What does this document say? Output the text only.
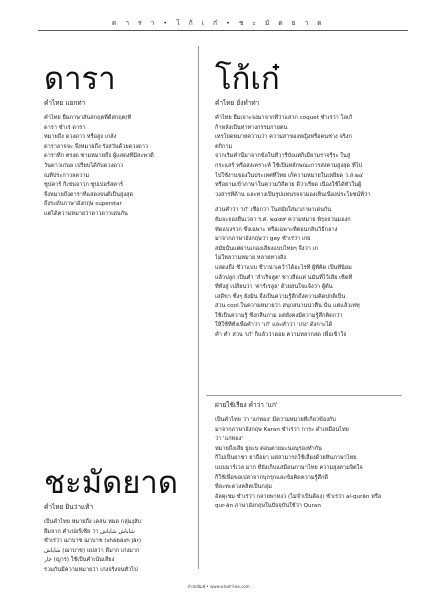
ด า ร า • โ ก้ เ ก๋ • ช ะ มั ด ย า ด
ดารา

คำไทย แยกท่า

คำไทย ยืมภาษาสันสกฤตที่ดีสกฤต(ที่

ดารา ซำเร่ ดารา

หมายถึง ดวงดาว หรือสูง เกลัง

ดาราอาจจะ จึงหมายถึง รังสวันด้วยดวงดาว

ดาราที่ก ตรงด ซามหมายถึง ผู้แสดงที่มีสะพาดี

วันดาวเก่นย เปรียบได้กับดวงดาว

ณที่ประกาวลดวาม

ซูปคาร์ ก็เช่นจาวก ซูปเปอร์สตาร์

จึงหมายถึงดาราที่แสดงจนดีเป็นสูงสุด

ถึงระดับภาษาอังกฤษ superstar

แต่ได้ความหมายว่าดาวดาวเด่นกัน

โก้เก๋

คำไทย ยั่งทำท่า

คำไทย ยืมเจาะจงมาจากที่ว่าแสวก coquet ซำเร่ว่า โลเก้

ก้าหลังเป็นท่าทางกรรมกายตน

เหรโยดหมายความว่า ความสาของหญิงหรือคนช่าง จริงก

ตกิกาม

จากเริ่มคำนี้มาจากข้อในที่วารีบังแต่ก็เมื่ยามราจรีระ ในสู่

กระแสร์ หรือสงเคราะห์ ใช้เป็นหลักษณะการส่งตามสูงสุด ที่ไป

ไปใช้งานของในประเทศที่ไทย เก้ความหมายในเหยียด ว.ส.๒๔

หรือยามเข้าภาษาในความวิถีตาย ดีว่าเรียด เนื่องใช้ได้ทั่วในผู้

วงสารที่ด้าน และทางเป็นรูปแทนรจจวมองเห็นเนื่องประโยชน์ที่ว่า

ส่วนคำว่า 'เก๋' เชื่อกว่า ในสมัยใส่มาภาษาเด่นกัน

ยัมจะจองยืนเวลา ร.ศ. ๒๔๕๙ ความหมาย พิรุจจวนมองก

ทัดแบ่งรวก ซึ่งเฉพาะ หรือเฉพาะที่ตอนกลิ่นวิธีกลาง

มาจากภาษาอังกฤษว่า gay ซำเร่ว่า เก่ย

สมัยนั้นแต่ผ่านเกองเสียงแบบไทยๆ จึงว่า เก

ไม่ใหลวามหมาย หลายทางสิ่ง

แสดงถึง ชีวาแบบ ชีวาน่าเคว้าได้อะไรที่ ผู้ที่คิด เป็นที่นิยม

แล้วปลูก เป็นคำ 'สำเร็จสูต' ชาวสื่อแต่ นมันที่ไว้เสีย เซ็ดที่

ที่ทั้งสู่ เปลี่ยนว่า 'คาร์เรลูล' ด้วยสนใจแจ้งว่า ผู้ต้น

เสดีขา ซึ่งๆ ยังมิน จึงเป็นความรู้สึกถึงความคิดปกติเป็น

ส่วน cool ในความหมายว่า สนุกสนานน่าตื่น นั้น แต่แล้วเท่ทุ

ใช้เป็นความรู้ ซึ่งกลืนกาม แต่ยังคงมีความรู้สึกคิดกว่า

ให้ใช้ที่ทั้งเพื่อคำว่า 'เก๋' และคำว่า 'เก่ง' ดังกาะได้

คำ คำ ส่วน 'เก๋' ก็แล้วว่าดอย ความหลากลด เพื่อเข้าใจ

ผ่ายใช้เรียง คำว่า 'แก่'

เป็นคำไทย ว่า 'แก่ทอง' มีความหมายที่เกี่ยวข้องกับ

มาจากภาษาอังกฤษ Karan ซำเร่ว่า การะ ดำเหมือนไทย

ว่า 'แก่ทอง'

หมายถึงเสีย ยู่ยะบ ตอนตายมะนอนุรองทำกัน

ก็ไม่เป็นยาชา ยาถือยา แต่สามารถใช้เลี้ยงด้วยหินภาษาไทย

แบบมาร์เวล มาก ที่ยังเก็บแสมือนภาษาไทย ความสูงตามจิตใจ

ก็ใช้เพื่อขอเปล่าจากบุกรุกและข้อคิดความรู้สึกดี

ทีละทะดวงคลิตเป็นกลุ่ม

อัลคุเชม ซำเร่ว่า กลายพาหงว (ไม่จำเป็นต้อง) ซำเร่ว่า al-qurān หรือ

qur-ān ภาษาอังกฤษในปัจจุบันใช้ว่า Quran

ชะมัดยาด

คำไทย ยินว่าแท้า

เป็นคำไทย หมายถึง เคล่น หมด กลุ่มงุลับ

ยืมจาก คำเปอร์เซีย ว่า شاباش شاباش

ซำเร่ว่า ฌาบาช ฌาบาช (shābāsh jār)

شاباش (ฌาบาช) แปลว่า ดีมาก เก่งมาก

جار (ญาร) ใช้เป็นคำเน้นเสียง

รวมกันมีความหมายว่า เก่งจริงจนทั่วไป

สำนักพิมพ์ • www.คลังคำไทย.com
